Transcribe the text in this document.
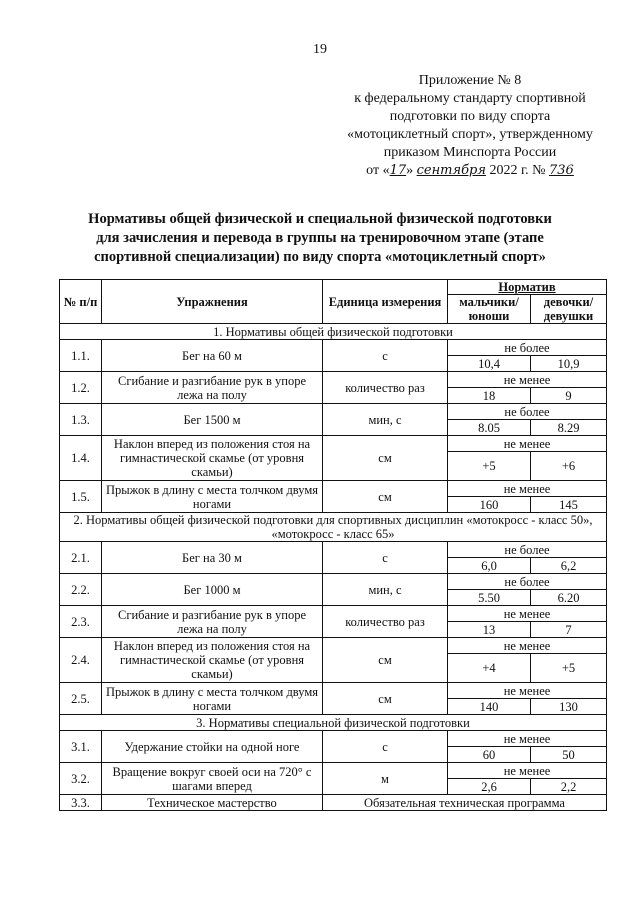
19
Приложение № 8
к федеральному стандарту спортивной
подготовки по виду спорта
«мотоциклетный спорт», утвержденному
приказом Минспорта России
от «17» сентября 2022 г. № 736
Нормативы общей физической и специальной физической подготовки
для зачисления и перевода в группы на тренировочном этапе (этапе
спортивной специализации) по виду спорта «мотоциклетный спорт»
№ п/п	Упражнения	Единица измерения	Норматив	
			мальчики/ юноши	девочки/ девушки
1. Нормативы общей физической подготовки				
1.1.	Бег на 60 м	с	не более	
			10,4	10,9
1.2.	Сгибание и разгибание рук в упоре лежа на полу	количество раз	не менее	
			18	9
1.3.	Бег 1500 м	мин, с	не более	
			8.05	8.29
1.4.	Наклон вперед из положения стоя на гимнастической скамье (от уровня скамьи)	см	не менее	
			+5	+6
1.5.	Прыжок в длину с места толчком двумя ногами	см	не менее	
			160	145
2. Нормативы общей физической подготовки для спортивных дисциплин «мотокросс - класс 50», «мотокросс - класс 65»				
2.1.	Бег на 30 м	с	не более	
			6,0	6,2
2.2.	Бег 1000 м	мин, с	не более	
			5.50	6.20
2.3.	Сгибание и разгибание рук в упоре лежа на полу	количество раз	не менее	
			13	7
2.4.	Наклон вперед из положения стоя на гимнастической скамье (от уровня скамьи)	см	не менее	
			+4	+5
2.5.	Прыжок в длину с места толчком двумя ногами	см	не менее	
			140	130
3. Нормативы специальной физической подготовки				
3.1.	Удержание стойки на одной ноге	с	не менее	
			60	50
3.2.	Вращение вокруг своей оси на 720° с шагами вперед	м	не менее	
			2,6	2,2
3.3.	Техническое мастерство	Обязательная техническая программа		
